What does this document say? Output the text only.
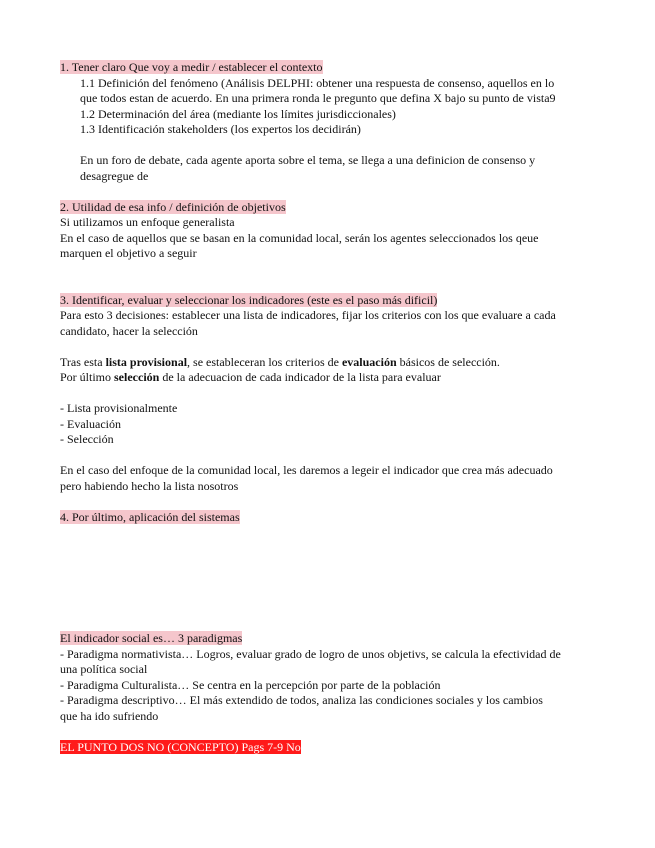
1. Tener claro Que voy a medir / establecer el contexto

1.1 Definición del fenómeno (Análisis DELPHI: obtener una respuesta de consenso, aquellos en lo

que todos estan de acuerdo. En una primera ronda le pregunto que defina X bajo su punto de vista9

1.2 Determinación del área (mediante los límites jurisdiccionales)

1.3 Identificación stakeholders (los expertos los decidirán)

En un foro de debate, cada agente aporta sobre el tema, se llega a una definicion de consenso y

desagregue de

2. Utilidad de esa info / definición de objetivos

Si utilizamos un enfoque generalista

En el caso de aquellos que se basan en la comunidad local, serán los agentes seleccionados los qeue

marquen el objetivo a seguir

3. Identificar, evaluar y seleccionar los indicadores (este es el paso más dificil)

Para esto 3 decisiones: establecer una lista de indicadores, fijar los criterios con los que evaluare a cada

candidato, hacer la selección

Tras esta lista provisional, se estableceran los criterios de evaluación básicos de selección.

Por último selección de la adecuacion de cada indicador de la lista para evaluar

- Lista provisionalmente

- Evaluación

- Selección

En el caso del enfoque de la comunidad local, les daremos a legeir el indicador que crea más adecuado

pero habiendo hecho la lista nosotros

4. Por último, aplicación del sistemas

El indicador social es… 3 paradigmas

- Paradigma normativista… Logros, evaluar grado de logro de unos objetivs, se calcula la efectividad de

una política social

- Paradigma Culturalista… Se centra en la percepción por parte de la población

- Paradigma descriptivo… El más extendido de todos, analiza las condiciones sociales y los cambios

que ha ido sufriendo

EL PUNTO DOS NO (CONCEPTO) Pags 7-9 No
